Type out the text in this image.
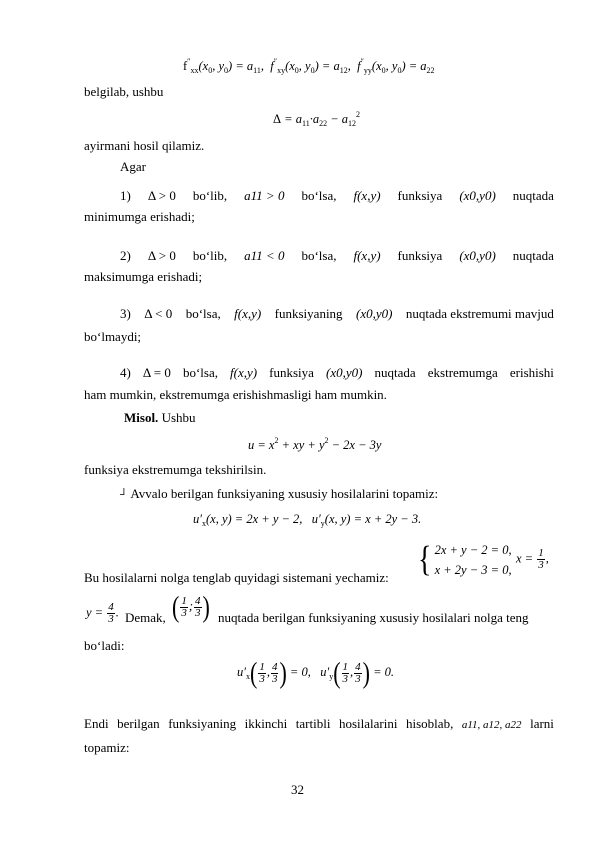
$f''_{xx}(x_0$, $y_0) = a_{11}$,  $f''_{xy}(x_0$, $y_0) = a_{12}$,  $f''_{yy}(x_0$, $y_0) = a_{22}$
belgilab, ushbu
$\Delta = a_{11}\cdot a_{22} - a_{12}^2$
ayirmani hosil qilamiz.
Agar
1) Δ > 0 bo‘lib, a11 > 0 bo‘lsa, f(x,y) funksiya (x0,y0) nuqtada
minimumga erishadi;
2) Δ > 0 bo‘lib, a11 < 0 bo‘lsa, f(x,y) funksiya (x0,y0) nuqtada
maksimumga erishadi;
3) Δ < 0 bo‘lsa, f(x,y) funksiyaning (x0,y0) nuqtada ekstremumi mavjud
bo‘lmaydi;
4) Δ = 0 bo‘lsa, f(x,y) funksiya (x0,y0) nuqtada ekstremumga erishishi
ham mumkin, ekstremumga erishishmasligi ham mumkin.
Misol. Ushbu
$u = x^2$ + xy + $y^2 - 2x - 3y$
funksiya ekstremumga tekshirilsin.
┘ Avvalo berilgan funksiyaning xususiy hosilalarini topamiz:
$u'_x(x$, y) = 2x + y − 2,   $u'_y(x$, y) = x + 2y − 3.
Bu hosilalarni nolga tenglab quyidagi sistemani yechamiz: { 2x + y − 2 = 0,
x + 2y − 3 = 0,
$x = \frac{1}{3}$ ,
$y = \frac{4}{3}$ . Demak, ( $\frac{1}{3}$ ; $\frac{4}{3}$ ) nuqtada berilgan funksiyaning xususiy hosilalari nolga teng
bo‘ladi:
$u'_x( \frac{1}{3}$ , $\frac{4}{3}$ ) = 0,   $u'_y( \frac{1}{3}$ , $\frac{4}{3}$ ) = 0.
Endi berilgan funksiyaning ikkinchi tartibli hosilalarini hisoblab, a11, a12, a22 larni
topamiz:
32
